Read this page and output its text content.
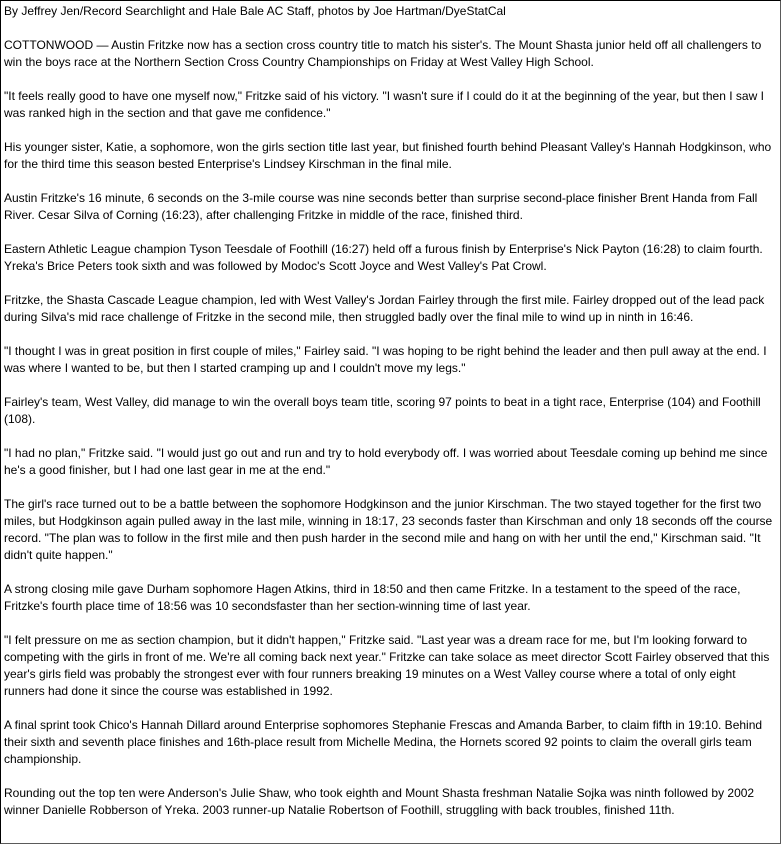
By Jeffrey Jen/Record Searchlight and Hale Bale AC Staff, photos by Joe Hartman/DyeStatCal
COTTONWOOD — Austin Fritzke now has a section cross country title to match his sister's. The Mount Shasta junior held off all challengers to win the boys race at the Northern Section Cross Country Championships on Friday at West Valley High School.
"It feels really good to have one myself now," Fritzke said of his victory. "I wasn't sure if I could do it at the beginning of the year, but then I saw I was ranked high in the section and that gave me confidence."
His younger sister, Katie, a sophomore, won the girls section title last year, but finished fourth behind Pleasant Valley's Hannah Hodgkinson, who for the third time this season bested Enterprise's Lindsey Kirschman in the final mile.
Austin Fritzke's 16 minute, 6 seconds on the 3-mile course was nine seconds better than surprise second-place finisher Brent Handa from Fall River. Cesar Silva of Corning (16:23), after challenging Fritzke in middle of the race, finished third.
Eastern Athletic League champion Tyson Teesdale of Foothill (16:27) held off a furous finish by Enterprise's Nick Payton (16:28) to claim fourth. Yreka's Brice Peters took sixth and was followed by Modoc's Scott Joyce and West Valley's Pat Crowl.
Fritzke, the Shasta Cascade League champion, led with West Valley's Jordan Fairley through the first mile. Fairley dropped out of the lead pack during Silva's mid race challenge of Fritzke in the second mile, then struggled badly over the final mile to wind up in ninth in 16:46.
"I thought I was in great position in first couple of miles," Fairley said. "I was hoping to be right behind the leader and then pull away at the end. I was where I wanted to be, but then I started cramping up and I couldn't move my legs."
Fairley's team, West Valley, did manage to win the overall boys team title, scoring 97 points to beat in a tight race, Enterprise (104) and Foothill (108).
"I had no plan," Fritzke said. "I would just go out and run and try to hold everybody off. I was worried about Teesdale coming up behind me since he's a good finisher, but I had one last gear in me at the end."
The girl's race turned out to be a battle between the sophomore Hodgkinson and the junior Kirschman. The two stayed together for the first two miles, but Hodgkinson again pulled away in the last mile, winning in 18:17, 23 seconds faster than Kirschman and only 18 seconds off the course record. "The plan was to follow in the first mile and then push harder in the second mile and hang on with her until the end," Kirschman said. "It didn't quite happen."
A strong closing mile gave Durham sophomore Hagen Atkins, third in 18:50 and then came Fritzke. In a testament to the speed of the race, Fritzke's fourth place time of 18:56 was 10 secondsfaster than her section-winning time of last year.
"I felt pressure on me as section champion, but it didn't happen," Fritzke said. "Last year was a dream race for me, but I'm looking forward to competing with the girls in front of me. We're all coming back next year." Fritzke can take solace as meet director Scott Fairley observed that this year's girls field was probably the strongest ever with four runners breaking 19 minutes on a West Valley course where a total of only eight runners had done it since the course was established in 1992.
A final sprint took Chico's Hannah Dillard around Enterprise sophomores Stephanie Frescas and Amanda Barber, to claim fifth in 19:10. Behind their sixth and seventh place finishes and 16th-place result from Michelle Medina, the Hornets scored 92 points to claim the overall girls team championship.
Rounding out the top ten were Anderson's Julie Shaw, who took eighth and Mount Shasta freshman Natalie Sojka was ninth followed by 2002 winner Danielle Robberson of Yreka. 2003 runner-up Natalie Robertson of Foothill, struggling with back troubles, finished 11th.
